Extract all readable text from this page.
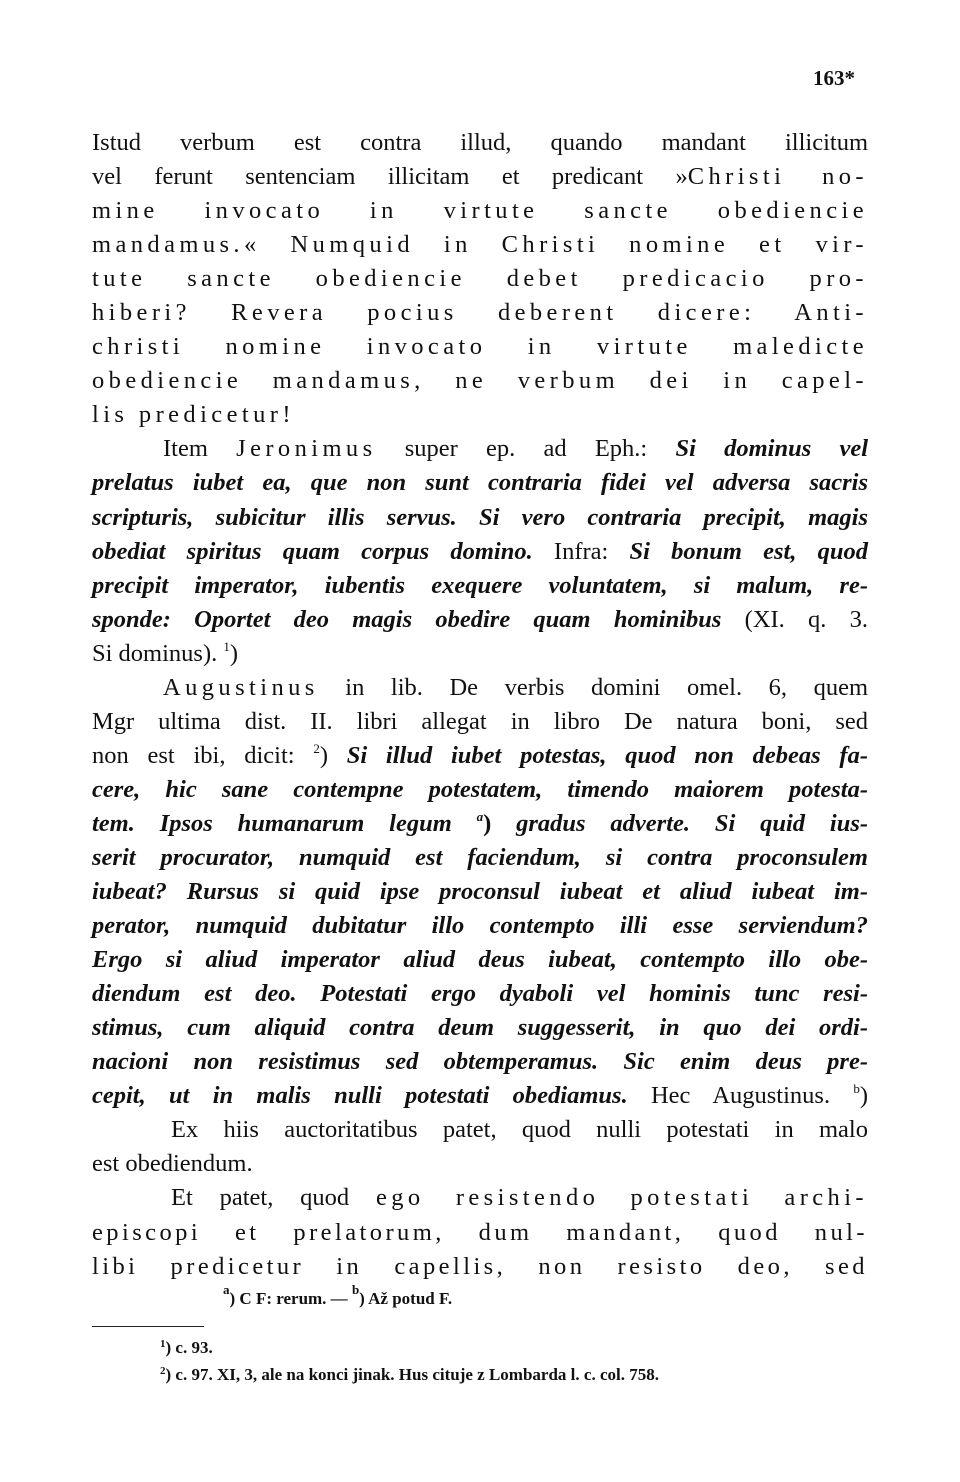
163*
Istud verbum est contra illud, quando mandant illicitum
vel ferunt sentenciam illicitam et predicant »Christi no-
mine invocato in virtute sancte obediencie
mandamus.« Numquid in Christi nomine et vir-
tute sancte obediencie debet predicacio pro-
hiberi? Revera pocius deberent dicere: Anti-
christi nomine invocato in virtute maledicte
obediencie mandamus, ne verbum dei in capel-
lis predicetur!
Item Jeronimus super ep. ad Eph.: Si dominus vel
prelatus iubet ea, que non sunt contraria fidei vel adversa sacris
scripturis, subicitur illis servus. Si vero contraria precipit, magis
obediat spiritus quam corpus domino. Infra: Si bonum est, quod
precipit imperator, iubentis exequere voluntatem, si malum, re-
sponde: Oportet deo magis obedire quam hominibus (XI. q. 3.
Si dominus). $^1$)
Augustinus in lib. De verbis domini omel. 6, quem
Mgr ultima dist. II. libri allegat in libro De natura boni, sed
non est ibi, dicit: $^2$) Si illud iubet potestas, quod non debeas fa-
cere, hic sane contempne potestatem, timendo maiorem potesta-
tem. Ipsos humanarum legum $^a$) gradus adverte. Si quid ius-
serit procurator, numquid est faciendum, si contra proconsulem
iubeat? Rursus si quid ipse proconsul iubeat et aliud iubeat im-
perator, numquid dubitatur illo contempto illi esse serviendum?
Ergo si aliud imperator aliud deus iubeat, contempto illo obe-
diendum est deo. Potestati ergo dyaboli vel hominis tunc resi-
stimus, cum aliquid contra deum suggesserit, in quo dei ordi-
nacioni non resistimus sed obtemperamus. Sic enim deus pre-
cepit, ut in malis nulli potestati obediamus. Hec Augustinus. $^b$)
Ex hiis auctoritatibus patet, quod nulli potestati in malo
est obediendum.
Et patet, quod ego resistendo potestati archi-
episcopi et prelatorum, dum mandant, quod nul-
libi predicetur in capellis, non resisto deo, sed
$^a$) C F: rerum. — $^b$) Až potud F.
$^1$) c. 93.
$^2$) c. 97. XI, 3, ale na konci jinak. Hus cituje z Lombarda l. c. col. 758.
